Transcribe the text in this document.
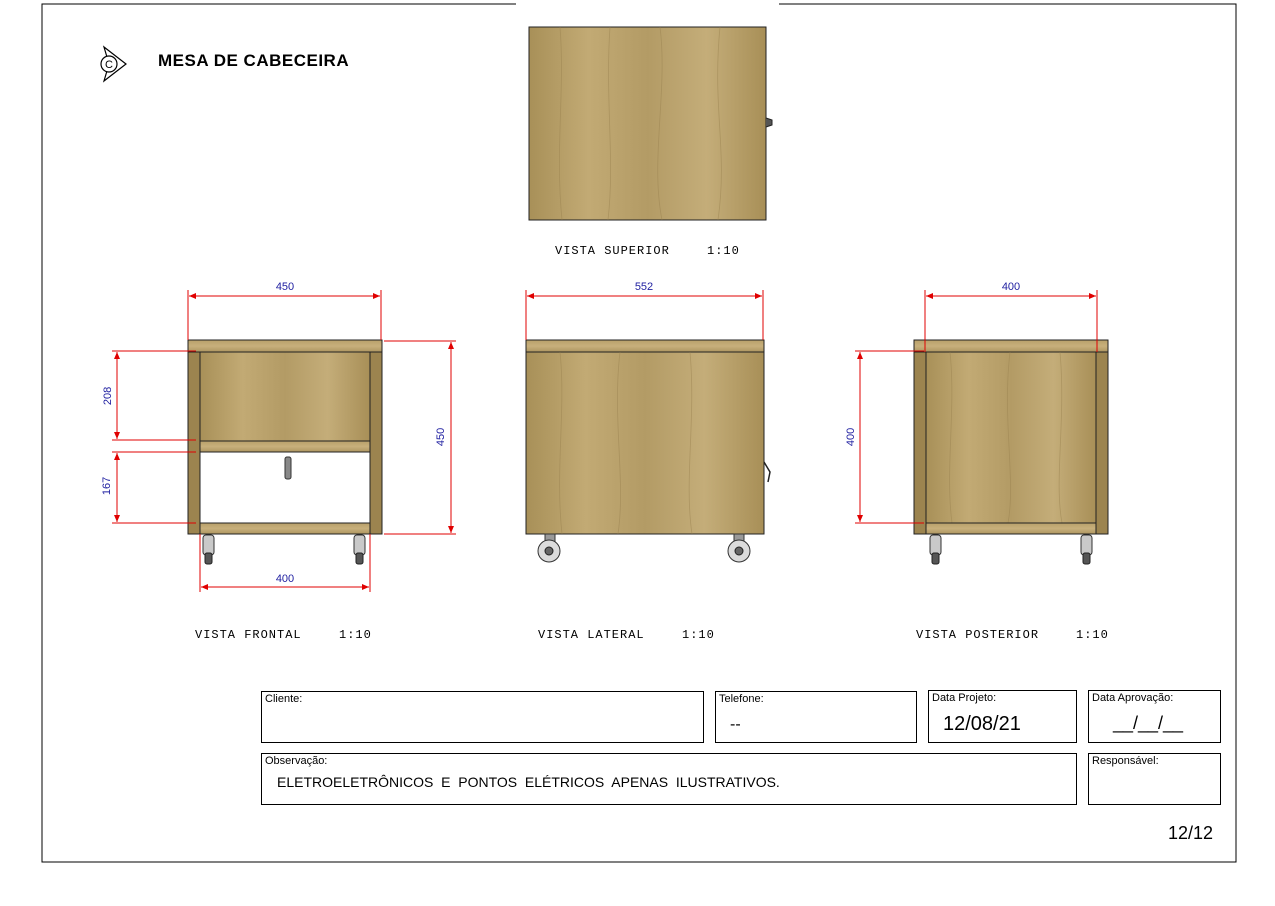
C
VISTA SUPERIOR	1:10
450
450
208
167
400
VISTA FRONTAL	1:10
552
VISTA LATERAL	1:10
400
400
VISTA POSTERIOR	1:10
MESA DE CABECEIRA
Cliente:	Telefone:
--
Data Projeto:
12/08/21
Data Aprovação:
__/__/__
Observação:
ELETROELETRÔNICOS  E  PONTOS  ELÉTRICOS  APENAS  ILUSTRATIVOS.
Responsável:
12/12
